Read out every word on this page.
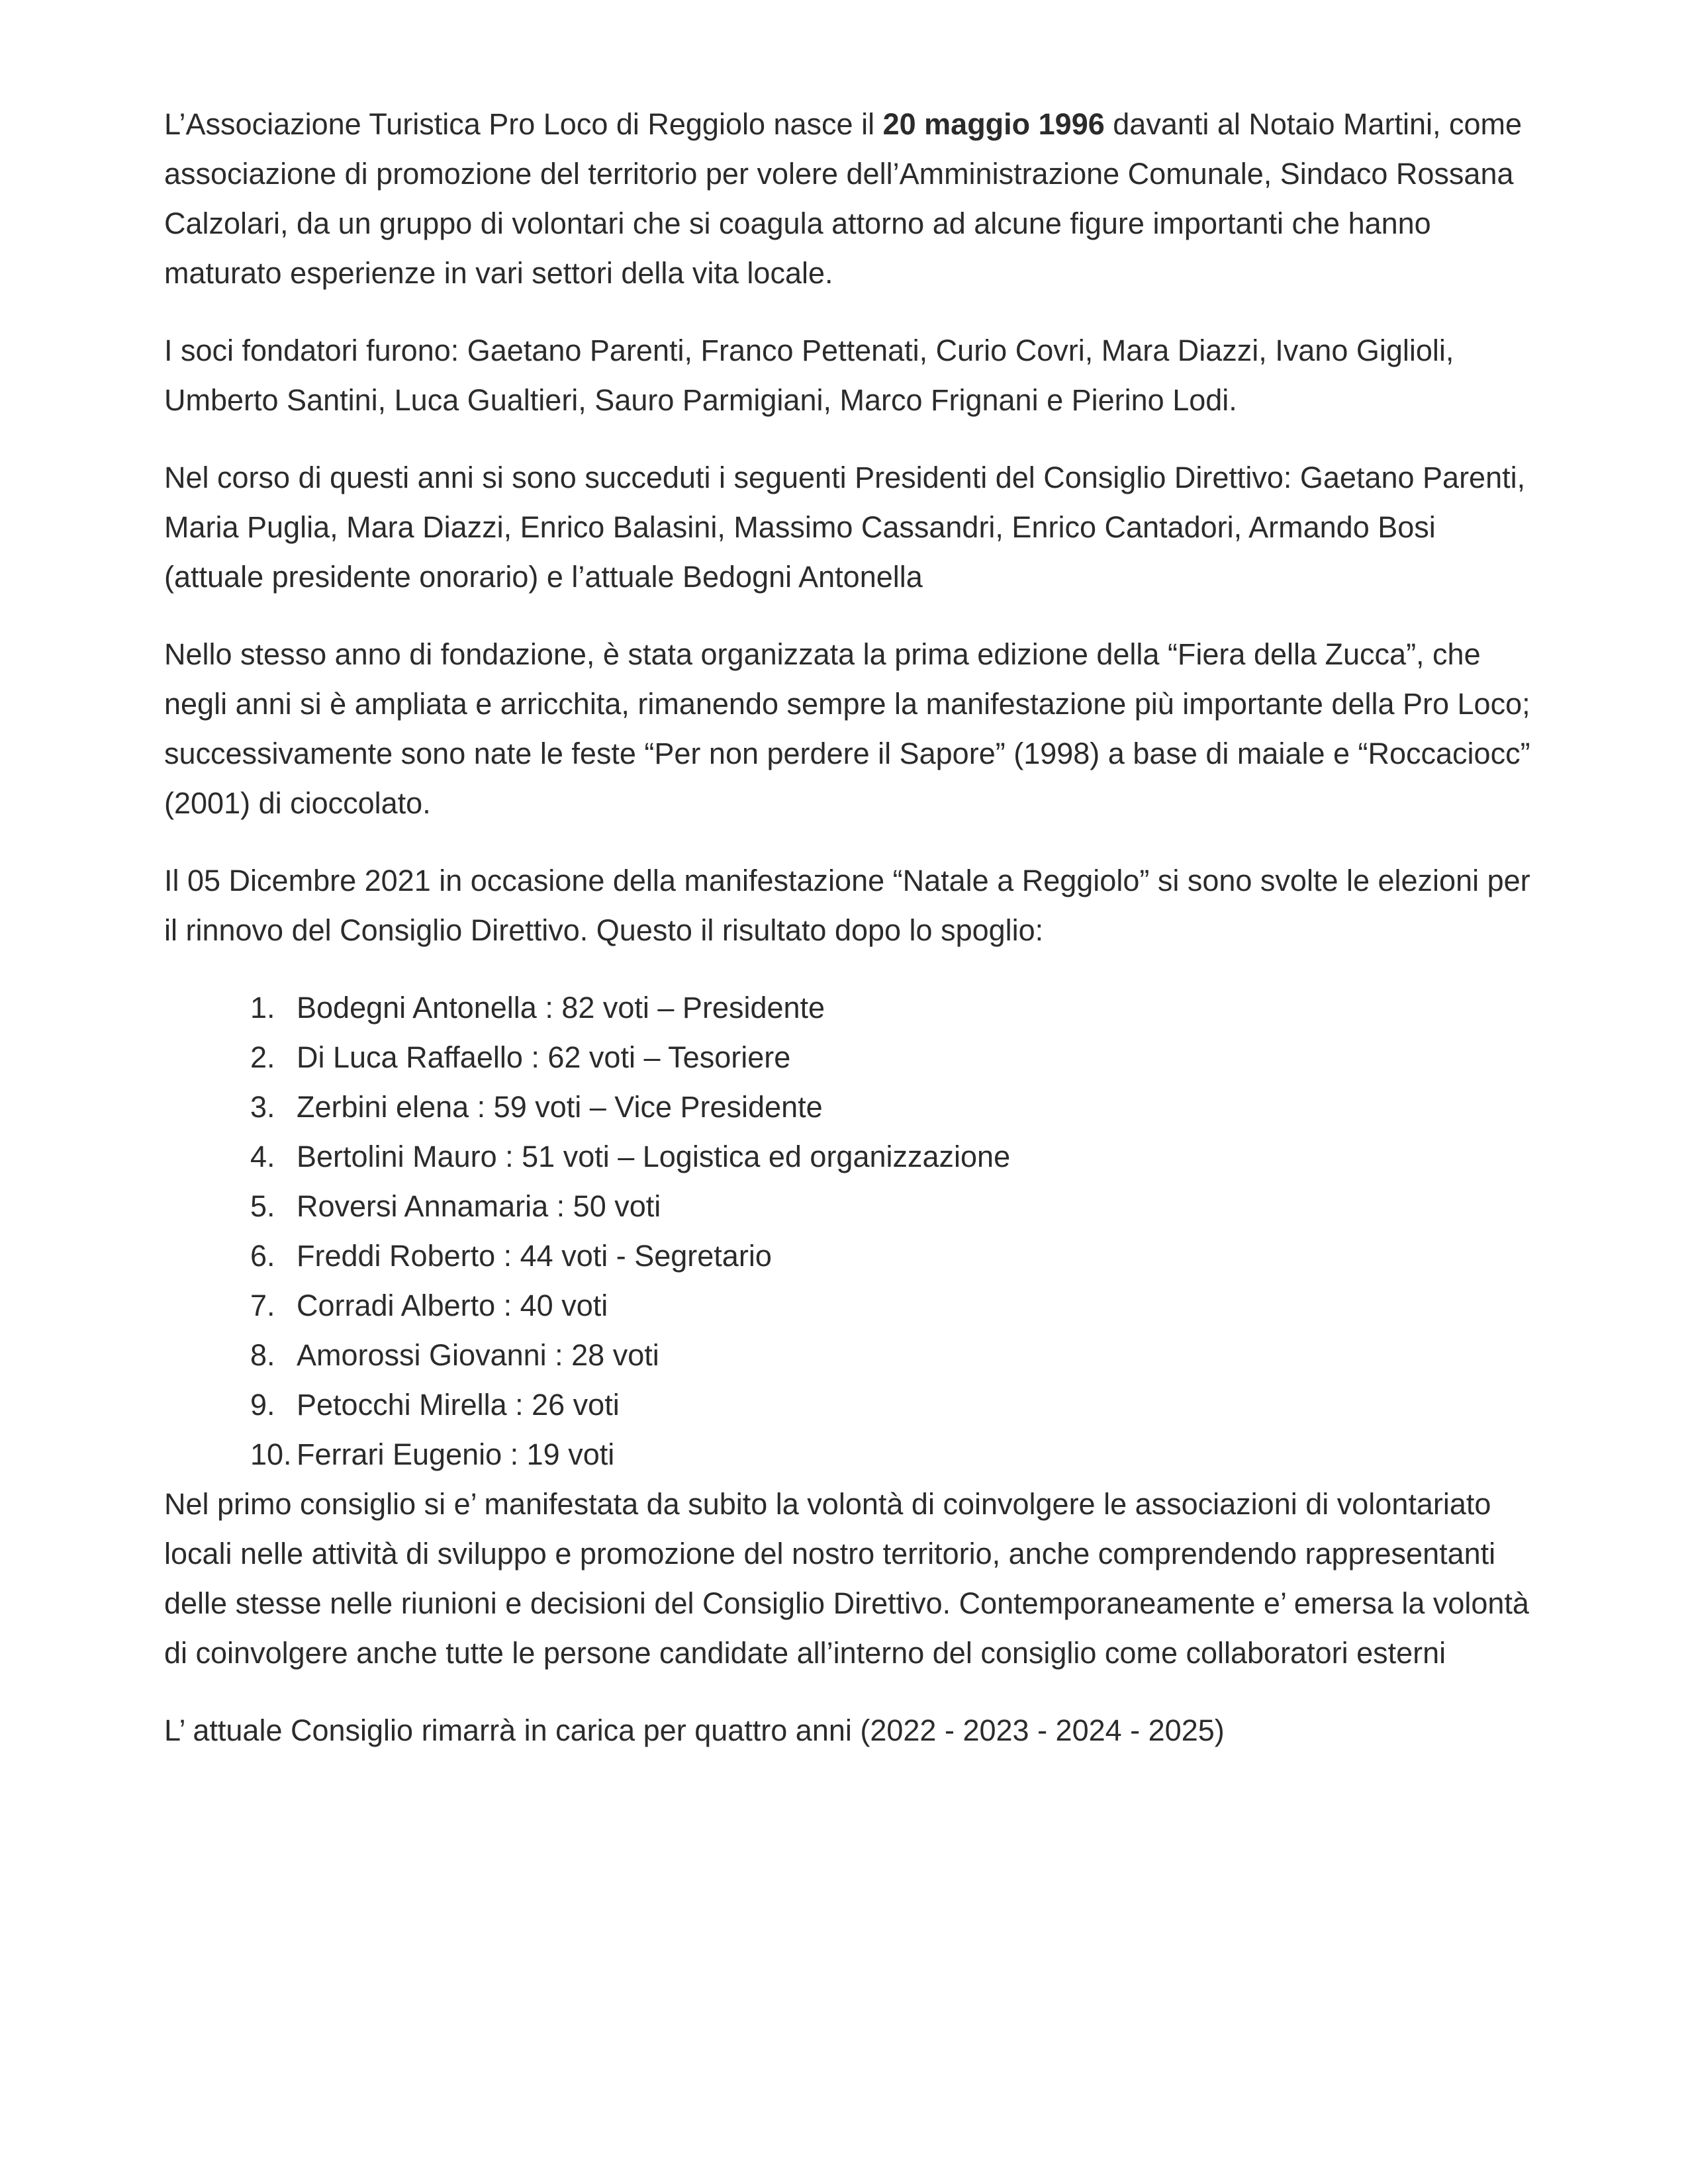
L’Associazione Turistica Pro Loco di Reggiolo nasce il 20 maggio 1996 davanti al Notaio Martini, come associazione di promozione del territorio per volere dell’Amministrazione Comunale, Sindaco Rossana Calzolari, da un gruppo di volontari che si coagula attorno ad alcune figure importanti che hanno maturato esperienze in vari settori della vita locale.

I soci fondatori furono: Gaetano Parenti, Franco Pettenati, Curio Covri, Mara Diazzi, Ivano Giglioli, Umberto Santini, Luca Gualtieri, Sauro Parmigiani, Marco Frignani e Pierino Lodi.

Nel corso di questi anni si sono succeduti i seguenti Presidenti del Consiglio Direttivo: Gaetano Parenti, Maria Puglia, Mara Diazzi, Enrico Balasini, Massimo Cassandri, Enrico Cantadori, Armando Bosi (attuale presidente onorario) e l’attuale Bedogni Antonella

Nello stesso anno di fondazione, è stata organizzata la prima edizione della “Fiera della Zucca”, che negli anni si è ampliata e arricchita, rimanendo sempre la manifestazione più importante della Pro Loco; successivamente sono nate le feste “Per non perdere il Sapore” (1998) a base di maiale e “Roccaciocc” (2001) di cioccolato.

Il 05 Dicembre 2021 in occasione della manifestazione “Natale a Reggiolo” si sono svolte le elezioni per il rinnovo del Consiglio Direttivo. Questo il risultato dopo lo spoglio:

1. Bodegni Antonella : 82 voti – Presidente
2. Di Luca Raffaello : 62 voti – Tesoriere
3. Zerbini elena : 59 voti – Vice Presidente
4. Bertolini Mauro : 51 voti – Logistica ed organizzazione
5. Roversi Annamaria : 50 voti
6. Freddi Roberto : 44 voti - Segretario
7. Corradi Alberto : 40 voti
8. Amorossi Giovanni : 28 voti
9. Petocchi Mirella : 26 voti
10. Ferrari Eugenio : 19 voti

Nel primo consiglio si e’ manifestata da subito la volontà di coinvolgere le associazioni di volontariato locali nelle attività di sviluppo e promozione del nostro territorio, anche comprendendo rappresentanti delle stesse nelle riunioni e decisioni del Consiglio Direttivo. Contemporaneamente e’ emersa la volontà di coinvolgere anche tutte le persone candidate all’interno del consiglio come collaboratori esterni

L’ attuale Consiglio rimarrà in carica per quattro anni (2022 - 2023 - 2024 - 2025)
